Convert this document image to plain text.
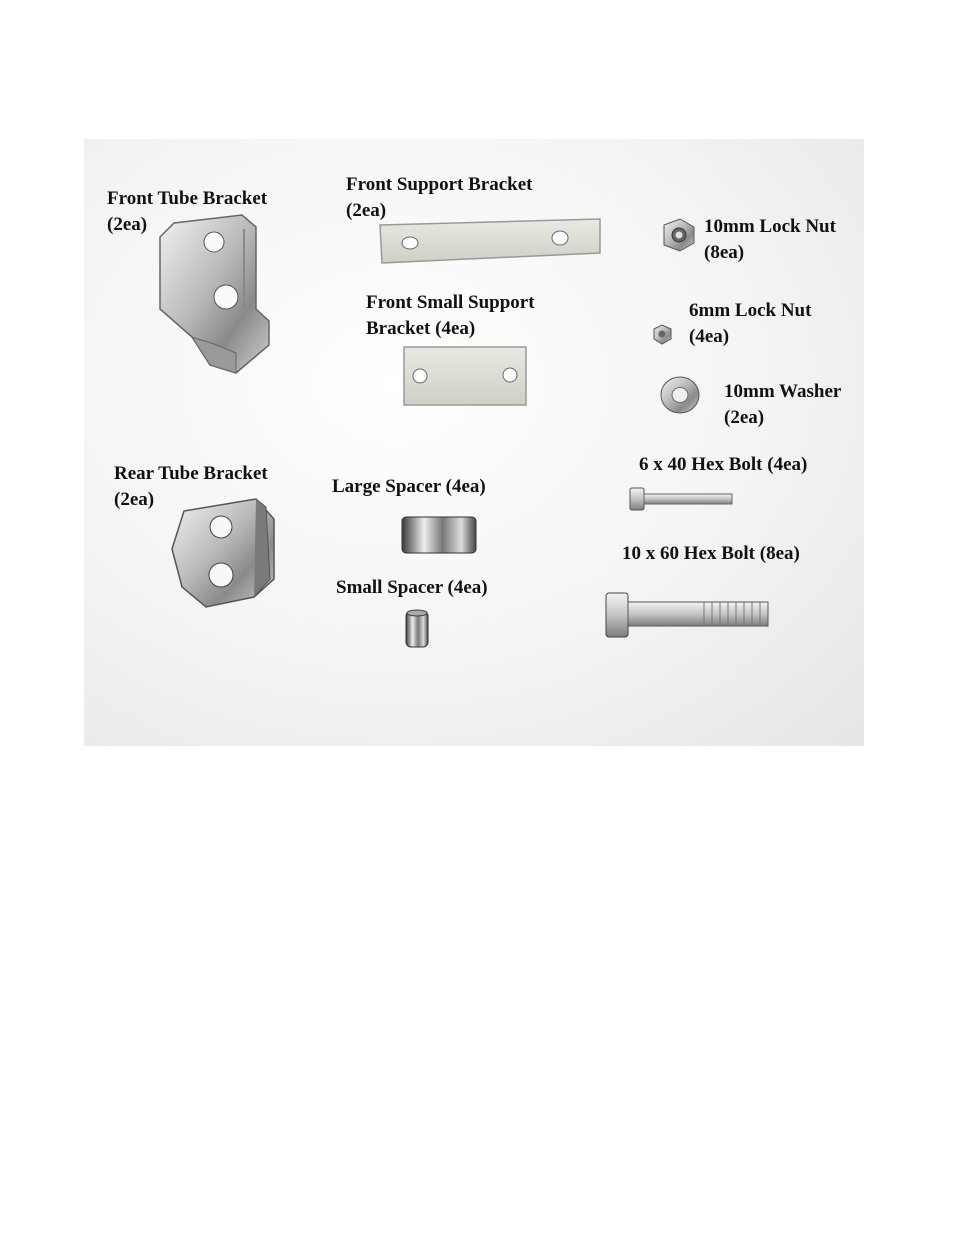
Front Tube Bracket
(2ea)
Front Support Bracket
(2ea)
10mm Lock Nut
(8ea)
Front Small Support
Bracket (4ea)
6mm Lock Nut
(4ea)
10mm Washer
(2ea)
Rear Tube Bracket
(2ea)
Large Spacer (4ea)
6 x 40 Hex Bolt (4ea)
10 x 60 Hex Bolt (8ea)
Small Spacer (4ea)
